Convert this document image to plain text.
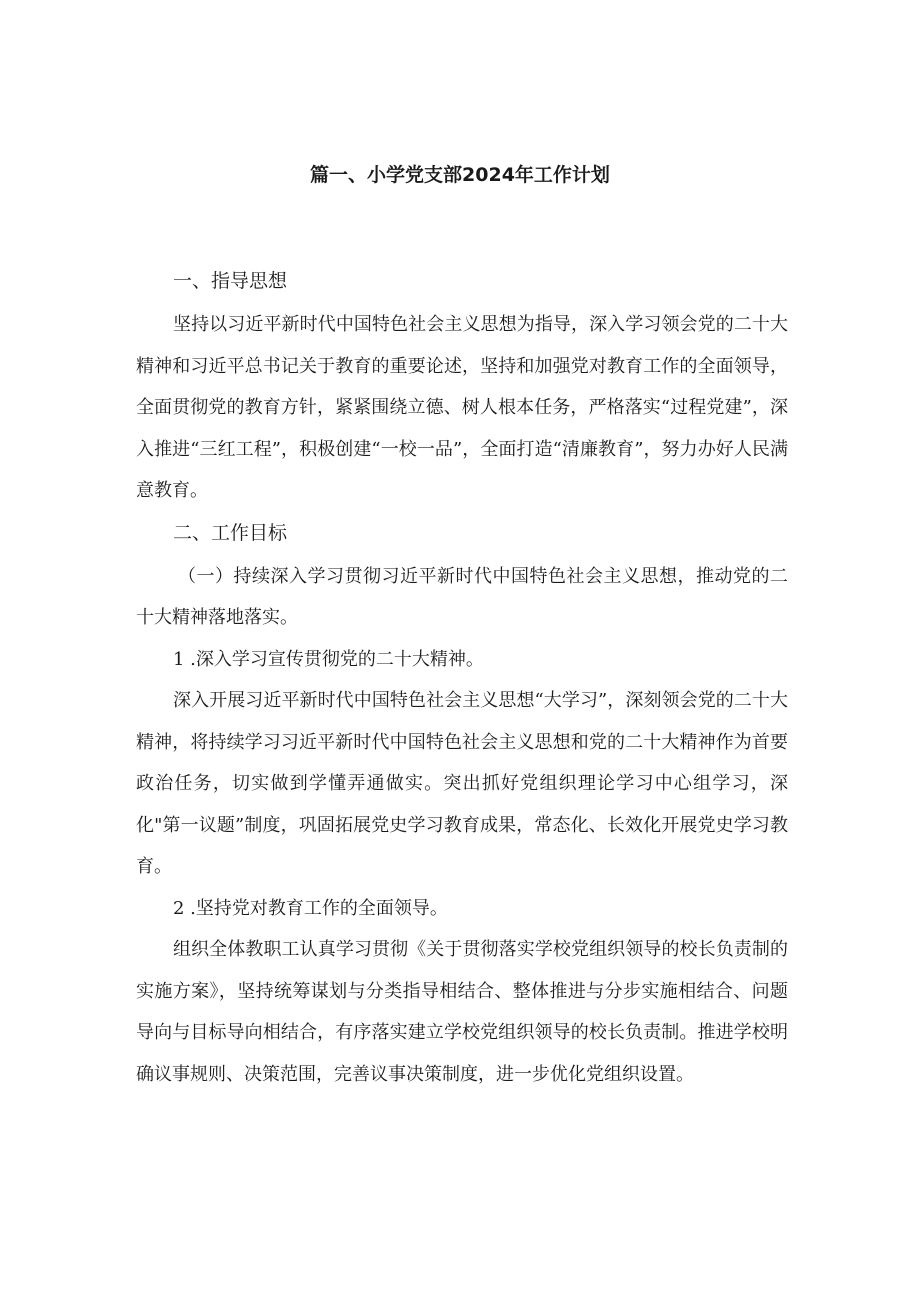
篇一、小学党支部2024年工作计划
一、指导思想

坚持以习近平新时代中国特色社会主义思想为指导，深入学习领会党的二十大精神和习近平总书记关于教育的重要论述，坚持和加强党对教育工作的全面领导，全面贯彻党的教育方针，紧紧围绕立德、树人根本任务，严格落实“过程党建”，深入推进“三红工程”，积极创建“一校一品”，全面打造“清廉教育”，努力办好人民满意教育。

二、工作目标

（一）持续深入学习贯彻习近平新时代中国特色社会主义思想，推动党的二十大精神落地落实。

1 .深入学习宣传贯彻党的二十大精神。

深入开展习近平新时代中国特色社会主义思想“大学习”，深刻领会党的二十大精神，将持续学习习近平新时代中国特色社会主义思想和党的二十大精神作为首要政治任务，切实做到学懂弄通做实。突出抓好党组织理论学习中心组学习，深化"第一议题”制度，巩固拓展党史学习教育成果，常态化、长效化开展党史学习教育。

2 .坚持党对教育工作的全面领导。

组织全体教职工认真学习贯彻《关于贯彻落实学校党组织领导的校长负责制的实施方案》，坚持统筹谋划与分类指导相结合、整体推进与分步实施相结合、问题导向与目标导向相结合，有序落实建立学校党组织领导的校长负责制。推进学校明确议事规则、决策范围，完善议事决策制度，进一步优化党组织设置。
